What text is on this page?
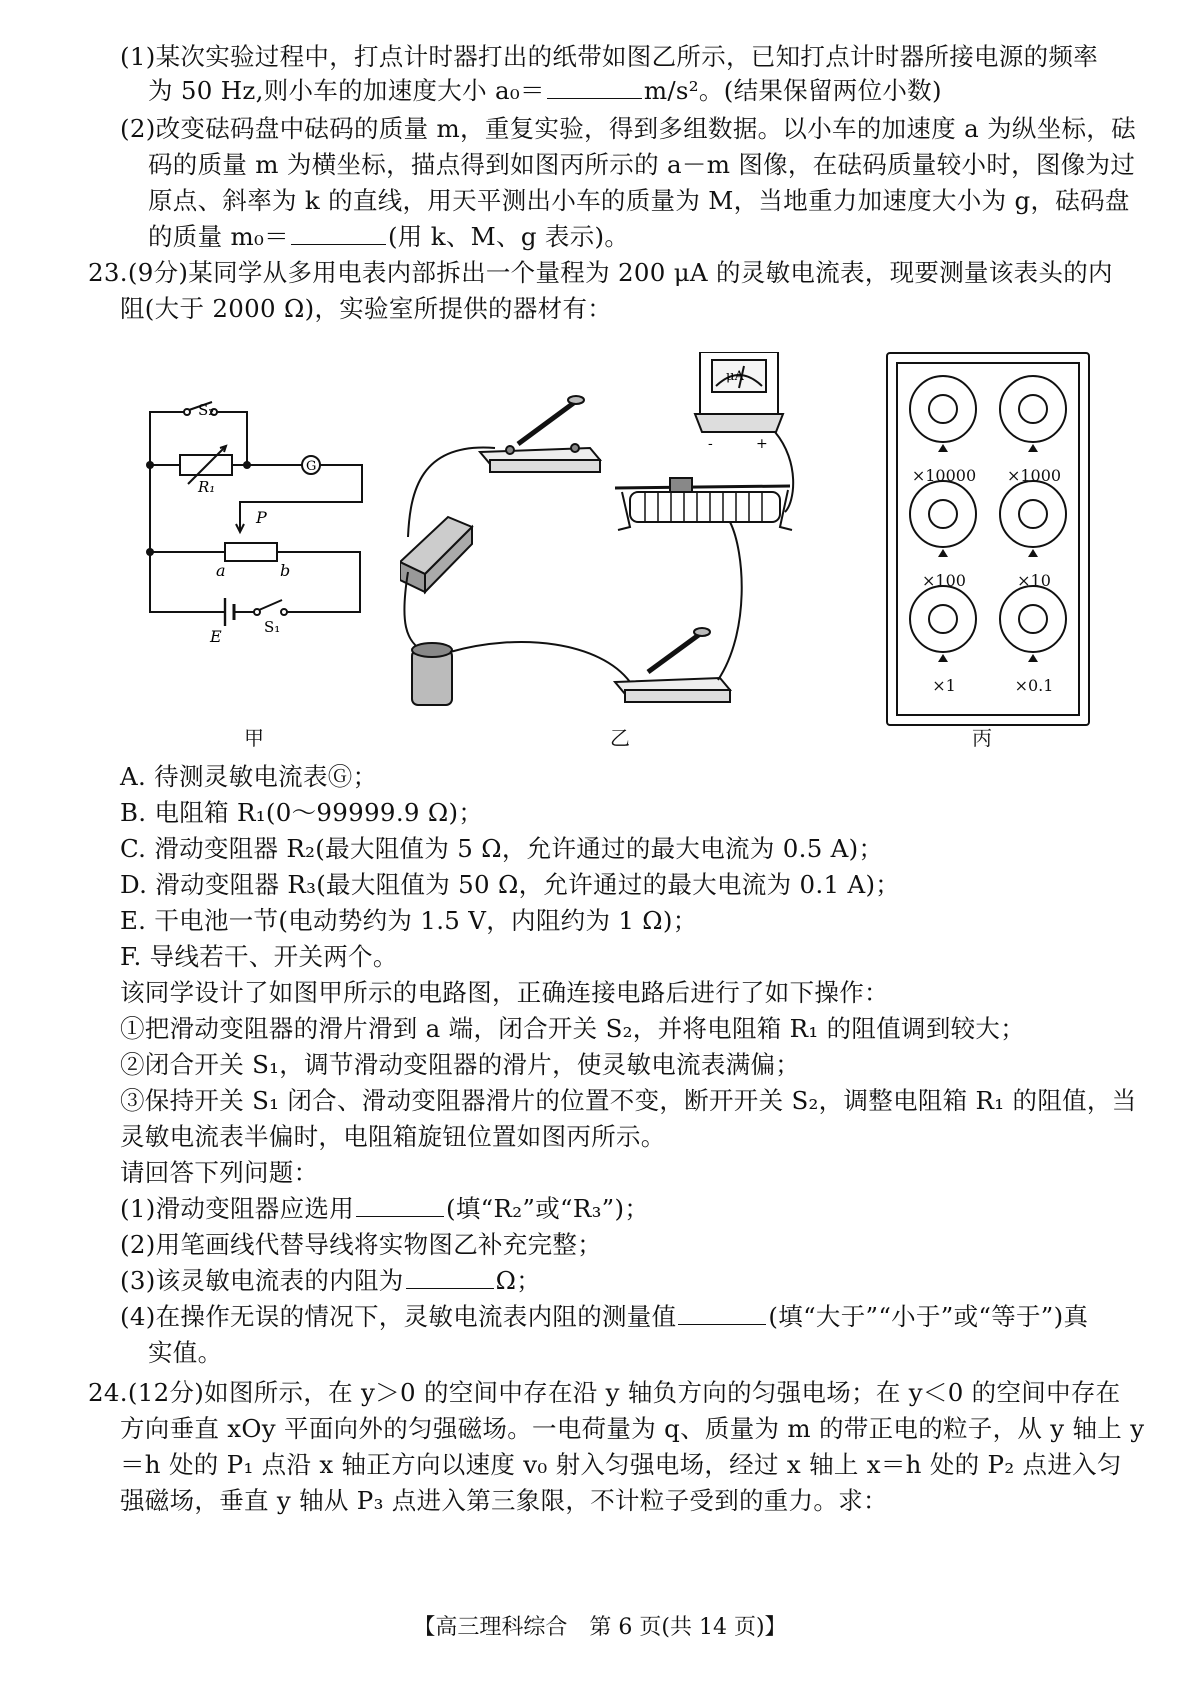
(1)某次实验过程中，打点计时器打出的纸带如图乙所示，已知打点计时器所接电源的频率
为 50 Hz,则小车的加速度大小 a₀＝	m/s²。(结果保留两位小数)
(2)改变砝码盘中砝码的质量 m，重复实验，得到多组数据。以小车的加速度 a 为纵坐标，砝
码的质量 m 为横坐标，描点得到如图丙所示的 a－m 图像，在砝码质量较小时，图像为过
原点、斜率为 k 的直线，用天平测出小车的质量为 M，当地重力加速度大小为 g，砝码盘
的质量 m₀＝	(用 k、M、g 表示)。
23.(9分)某同学从多用电表内部拆出一个量程为 200 μA 的灵敏电流表，现要测量该表头的内
阻(大于 2000 Ω)，实验室所提供的器材有：
S₂
R₁
G
P
a	b
E	S₁
甲
μA
-	+
乙
×10000	×1000
×100	×10
×1	×0.1
丙
A. 待测灵敏电流表Ⓖ；
B. 电阻箱 R₁(0～99999.9 Ω)；
C. 滑动变阻器 R₂(最大阻值为 5 Ω，允许通过的最大电流为 0.5 A)；
D. 滑动变阻器 R₃(最大阻值为 50 Ω，允许通过的最大电流为 0.1 A)；
E. 干电池一节(电动势约为 1.5 V，内阻约为 1 Ω)；
F. 导线若干、开关两个。
该同学设计了如图甲所示的电路图，正确连接电路后进行了如下操作：
①把滑动变阻器的滑片滑到 a 端，闭合开关 S₂，并将电阻箱 R₁ 的阻值调到较大；
②闭合开关 S₁，调节滑动变阻器的滑片，使灵敏电流表满偏；
③保持开关 S₁ 闭合、滑动变阻器滑片的位置不变，断开开关 S₂，调整电阻箱 R₁ 的阻值，当
灵敏电流表半偏时，电阻箱旋钮位置如图丙所示。
请回答下列问题：
(1)滑动变阻器应选用	(填“R₂”或“R₃”)；
(2)用笔画线代替导线将实物图乙补充完整；
(3)该灵敏电流表的内阻为	Ω；
(4)在操作无误的情况下，灵敏电流表内阻的测量值	(填“大于”“小于”或“等于”)真
实值。
24.(12分)如图所示，在 y＞0 的空间中存在沿 y 轴负方向的匀强电场；在 y＜0 的空间中存在
方向垂直 xOy 平面向外的匀强磁场。一电荷量为 q、质量为 m 的带正电的粒子，从 y 轴上 y
＝h 处的 P₁ 点沿 x 轴正方向以速度 v₀ 射入匀强电场，经过 x 轴上 x＝h 处的 P₂ 点进入匀
强磁场，垂直 y 轴从 P₃ 点进入第三象限，不计粒子受到的重力。求：
【高三理科综合　第 6 页(共 14 页)】
